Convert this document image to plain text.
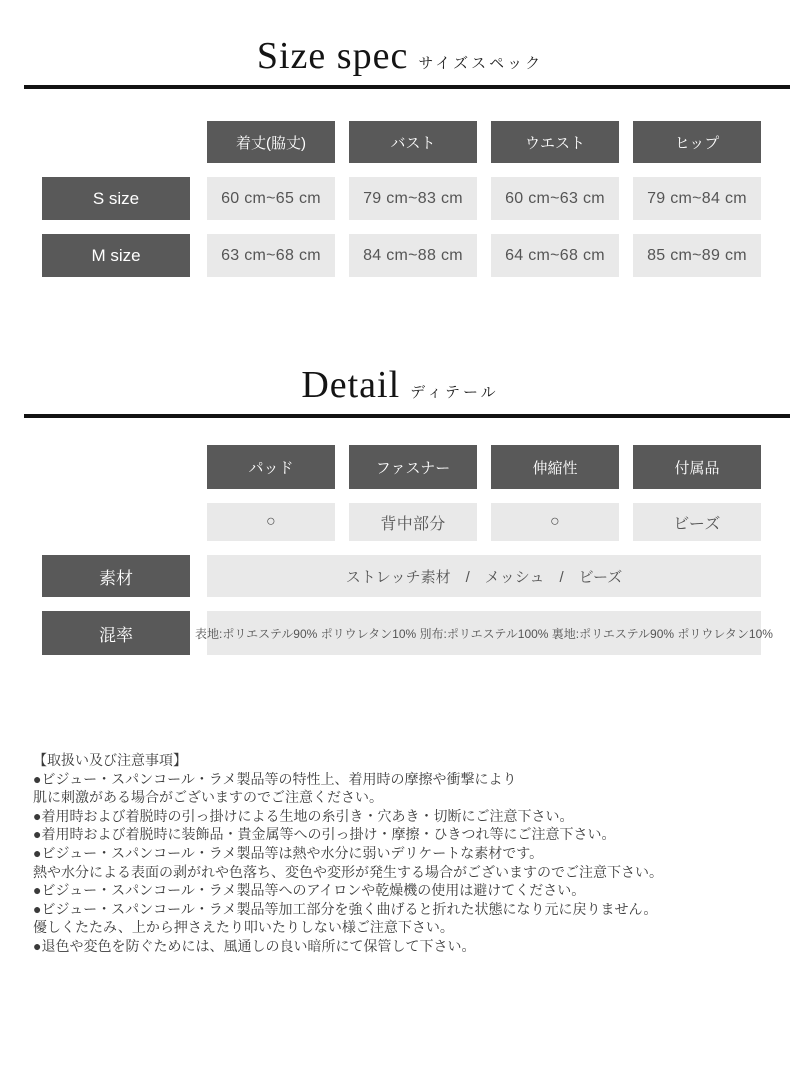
Size spec サイズスペック
着丈(脇丈)	バスト	ウエスト	ヒップ
S size	60 cm~65 cm	79 cm~83 cm	60 cm~63 cm	79 cm~84 cm
M size	63 cm~68 cm	84 cm~88 cm	64 cm~68 cm	85 cm~89 cm
Detail ディテール
パッド	ファスナー	伸縮性	付属品
○	背中部分	○	ビーズ
素材	ストレッチ素材　/　メッシュ　/　ビーズ
混率	表地:ポリエステル90% ポリウレタン10% 別布:ポリエステル100% 裏地:ポリエステル90% ポリウレタン10%
【取扱い及び注意事項】
●ビジュー・スパンコール・ラメ製品等の特性上、着用時の摩擦や衝撃により
肌に刺激がある場合がございますのでご注意ください。
●着用時および着脱時の引っ掛けによる生地の糸引き・穴あき・切断にご注意下さい。
●着用時および着脱時に装飾品・貴金属等への引っ掛け・摩擦・ひきつれ等にご注意下さい。
●ビジュー・スパンコール・ラメ製品等は熱や水分に弱いデリケートな素材です。
熱や水分による表面の剥がれや色落ち、変色や変形が発生する場合がございますのでご注意下さい。
●ビジュー・スパンコール・ラメ製品等へのアイロンや乾燥機の使用は避けてください。
●ビジュー・スパンコール・ラメ製品等加工部分を強く曲げると折れた状態になり元に戻りません。
優しくたたみ、上から押さえたり叩いたりしない様ご注意下さい。
●退色や変色を防ぐためには、風通しの良い暗所にて保管して下さい。
